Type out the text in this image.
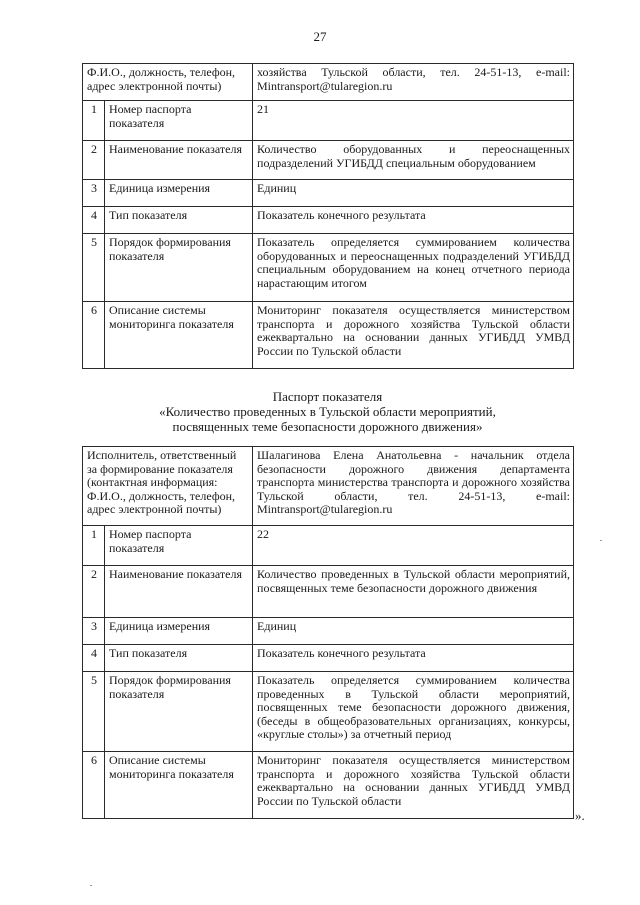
27
Ф.И.О., должность, телефон, адрес электронной почты)		хозяйства Тульской области, тел. 24-51-13, e-mail: Mintransport@tularegion.ru
1	Номер паспорта показателя	21
2	Наименование показателя	Количество оборудованных и переоснащенных подразделений УГИБДД специальным оборудованием
3	Единица измерения	Единиц
4	Тип показателя	Показатель конечного результата
5	Порядок формирования показателя	Показатель определяется суммированием количества оборудованных и переоснащенных подразделений УГИБДД специальным оборудованием на конец отчетного периода нарастающим итогом
6	Описание системы мониторинга показателя	Мониторинг показателя осуществляется министерством транспорта и дорожного хозяйства Тульской области ежеквартально на основании данных УГИБДД УМВД России по Тульской области
Паспорт показателя
«Количество проведенных в Тульской области мероприятий,
посвященных теме безопасности дорожного движения»
Исполнитель, ответственный за формирование показателя (контактная информация: Ф.И.О., должность, телефон, адрес электронной почты)		Шалагинова Елена Анатольевна - начальник отдела безопасности дорожного движения департамента транспорта министерства транспорта и дорожного хозяйства Тульской области, тел. 24-51-13, e-mail: Mintransport@tularegion.ru
1	Номер паспорта показателя	22
2	Наименование показателя	Количество проведенных в Тульской области мероприятий, посвященных теме безопасности дорожного движения
3	Единица измерения	Единиц
4	Тип показателя	Показатель конечного результата
5	Порядок формирования показателя	Показатель определяется суммированием количества проведенных в Тульской области мероприятий, посвященных теме безопасности дорожного движения, (беседы в общеобразовательных организациях, конкурсы, «круглые столы») за отчетный период
6	Описание системы мониторинга показателя	Мониторинг показателя осуществляется министерством транспорта и дорожного хозяйства Тульской области ежеквартально на основании данных УГИБДД УМВД России по Тульской области
».
